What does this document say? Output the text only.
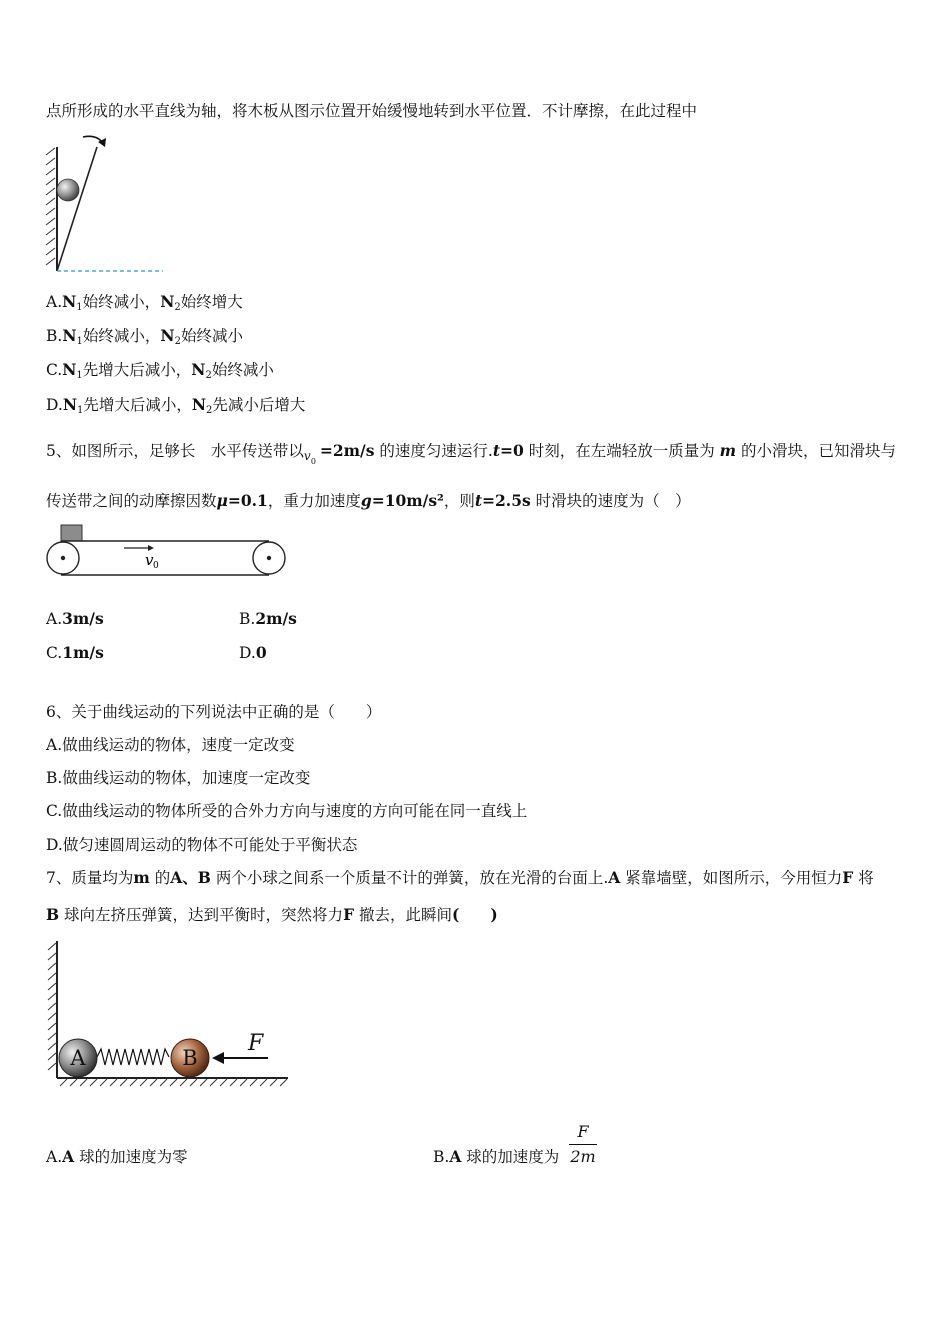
点所形成的水平直线为轴，将木板从图示位置开始缓慢地转到水平位置．不计摩擦，在此过程中
$A.N_1$始终减小，$N_2$始终增大
$B.N_1$始终减小，$N_2$始终减小
$C.N_1$先增大后减小，$N_2$始终减小
$D.N_1$先增大后减小，$N_2$先减小后增大
5、如图所示，足够长　水平传送带以 v 0
=2m/s 的速度匀速运行.t=0 时刻，在左端轻放一质量为 m 的小滑块，已知滑块与
传送带之间的动摩擦因数μ=0.1，重力加速度g=10m/s²，则t=2.5s 时滑块的速度为（　）
v 0
A.3m/s	B.2m/s
C.1m/s	D.0
6、关于曲线运动的下列说法中正确的是（　　）
A.做曲线运动的物体，速度一定改变
B.做曲线运动的物体，加速度一定改变
C.做曲线运动的物体所受的合外力方向与速度的方向可能在同一直线上
D.做匀速圆周运动的物体不可能处于平衡状态
7、质量均为m 的A、B 两个小球之间系一个质量不计的弹簧，放在光滑的台面上.A 紧靠墙壁，如图所示，今用恒力F 将
B 球向左挤压弹簧，达到平衡时，突然将力F 撤去，此瞬间(　　)
A	B
F
A.A 球的加速度为零	B.A 球的加速度为
F
2m
